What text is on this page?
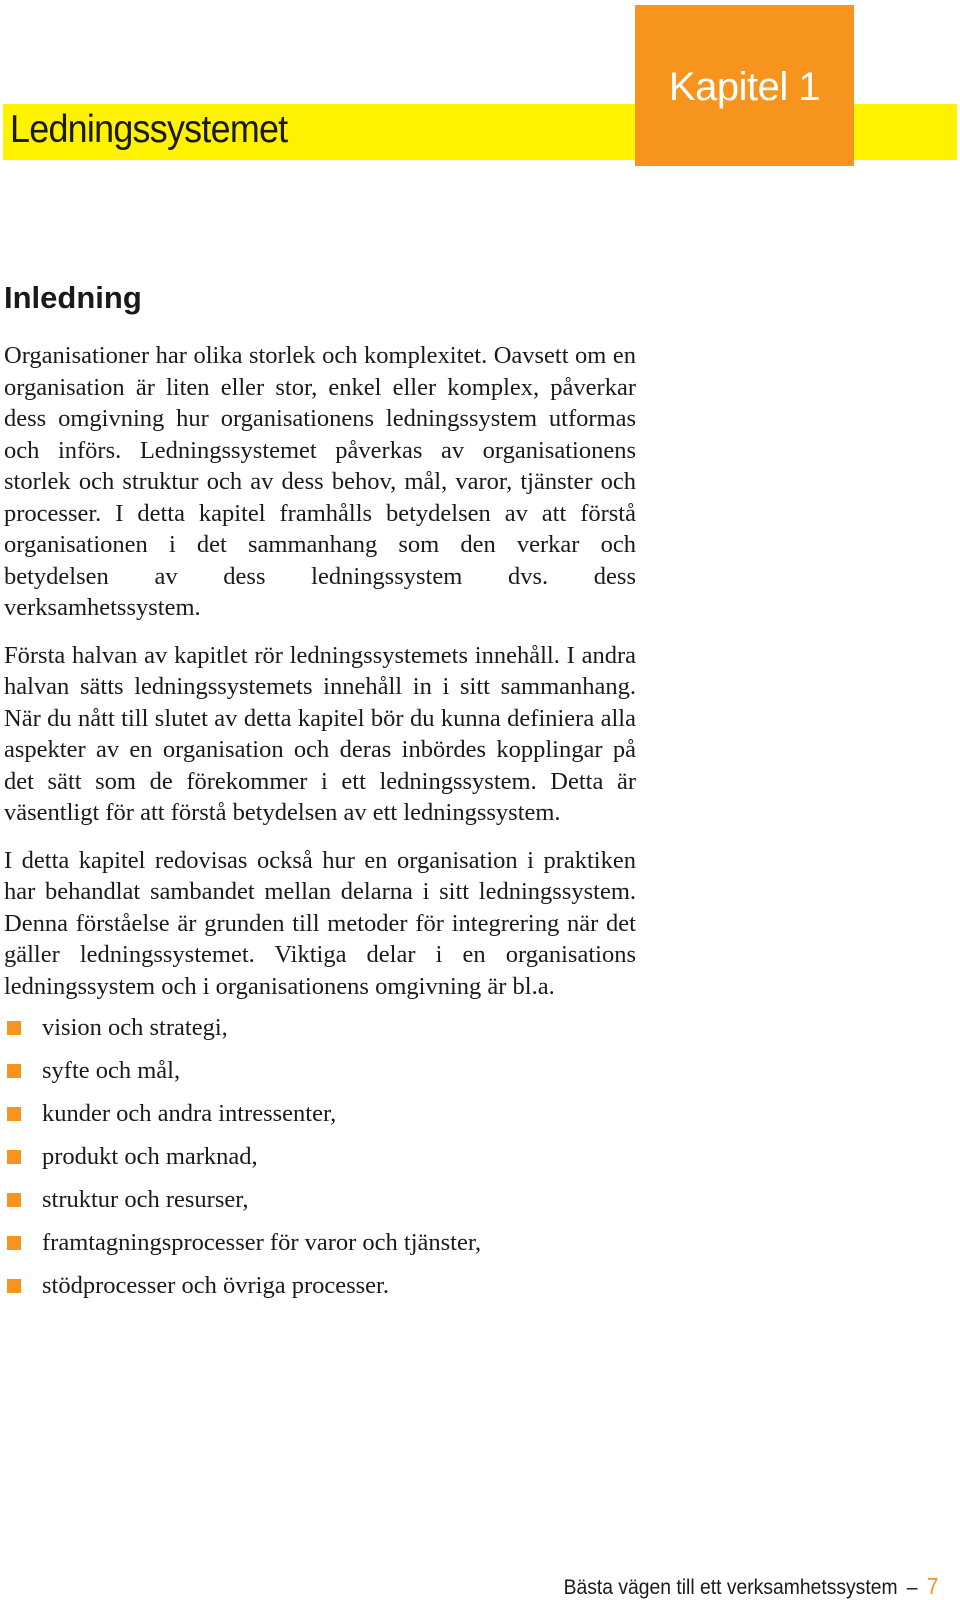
Kapitel 1
Ledningssystemet
Inledning

Organisationer har olika storlek och komplexitet. Oavsett om en organisation är liten eller stor, enkel eller komplex, påverkar dess omgivning hur organisationens ledningssystem utformas och införs. Ledningssystemet påverkas av organisationens storlek och struktur och av dess behov, mål, varor, tjänster och processer. I detta kapitel framhålls betydelsen av att förstå organisationen i det sammanhang som den verkar och betydelsen av dess ledningssystem dvs. dess verksamhetssystem.

Första halvan av kapitlet rör ledningssystemets innehåll. I andra halvan sätts ledningssystemets innehåll in i sitt sammanhang. När du nått till slutet av detta kapitel bör du kunna definiera alla aspekter av en organisation och deras inbördes kopplingar på det sätt som de förekommer i ett ledningssystem. Detta är väsentligt för att förstå betydelsen av ett ledningssystem.

I detta kapitel redovisas också hur en organisation i praktiken har behandlat sambandet mellan delarna i sitt ledningssystem. Denna förståelse är grunden till metoder för integrering när det gäller ledningssystemet. Viktiga delar i en organisations ledningssystem och i organisationens omgivning är bl.a.

vision och strategi,
syfte och mål,
kunder och andra intressenter,
produkt och marknad,
struktur och resurser,
framtagningsprocesser för varor och tjänster,
stödprocesser och övriga processer.
Bästa vägen till ett verksamhetssystem – 7
